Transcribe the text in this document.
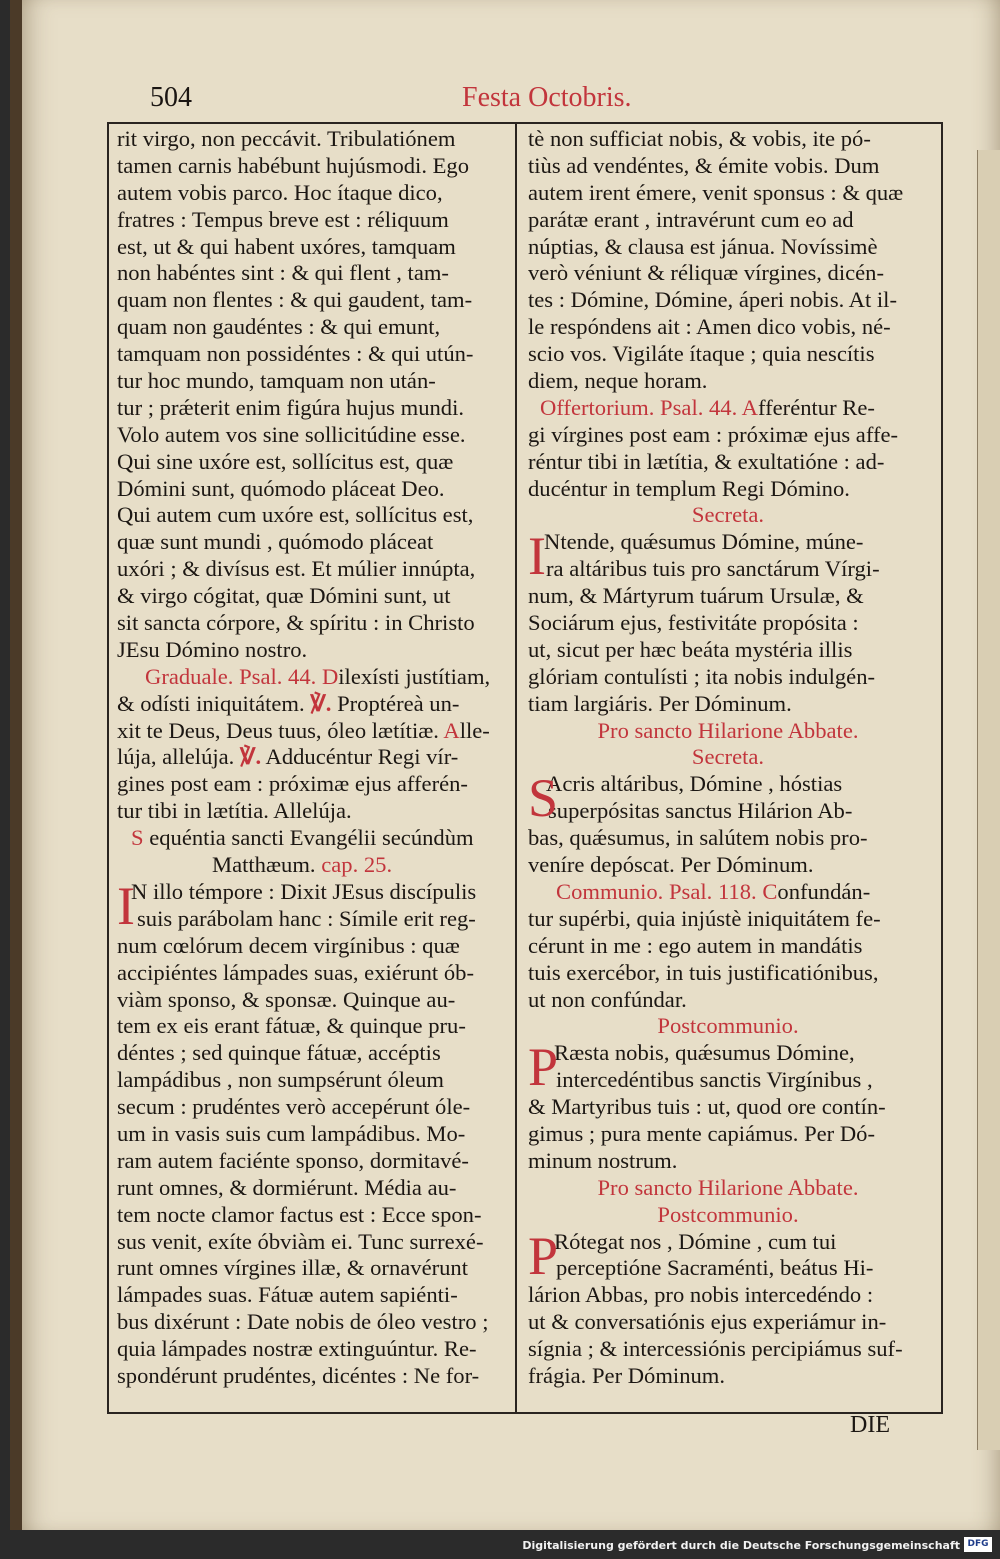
504	Festa Octobris.
rit virgo, non peccávit. Tribulatiónem
tamen carnis habébunt hujúsmodi. Ego
autem vobis parco. Hoc ítaque dico,
fratres : Tempus breve est : réliquum
est, ut & qui habent uxóres, tamquam
non habéntes sint : & qui flent , tam-
quam non flentes : & qui gaudent, tam-
quam non gaudéntes : & qui emunt,
tamquam non possidéntes : & qui utún-
tur hoc mundo, tamquam non után-
tur ; prǽterit enim figúra hujus mundi.
Volo autem vos sine sollicitúdine esse.
Qui sine uxóre est, sollícitus est, quæ
Dómini sunt, quómodo pláceat Deo.
Qui autem cum uxóre est, sollícitus est,
quæ sunt mundi , quómodo pláceat
uxóri ; & divísus est. Et múlier innúpta,
& virgo cógitat, quæ Dómini sunt, ut
sit sancta córpore, & spíritu : in Christo
JEsu Dómino nostro.
Graduale. Psal. 44. Dilexísti justítiam,
& odísti iniquitátem. ℣. Proptéreà un-
xit te Deus, Deus tuus, óleo lætítiæ. Alle-
lúja, allelúja. ℣. Adducéntur Regi vír-
gines post eam : próximæ ejus afferén-
tur tibi in lætítia. Allelúja.
S equéntia sancti Evangélii secúndùm
Matthæum. cap. 25.
I
N illo témpore : Dixit JEsus discípulis
suis parábolam hanc : Símile erit reg-
num cœlórum decem virgínibus : quæ
accipiéntes lámpades suas, exiérunt ób-
viàm sponso, & sponsæ. Quinque au-
tem ex eis erant fátuæ, & quinque pru-
déntes ; sed quinque fátuæ, accéptis
lampádibus , non sumpsérunt óleum
secum : prudéntes verò accepérunt óle-
um in vasis suis cum lampádibus. Mo-
ram autem faciénte sponso, dormitavé-
runt omnes, & dormiérunt. Média au-
tem nocte clamor factus est : Ecce spon-
sus venit, exíte óbviàm ei. Tunc surrexé-
runt omnes vírgines illæ, & ornavérunt
lámpades suas. Fátuæ autem sapiénti-
bus dixérunt : Date nobis de óleo vestro ;
quia lámpades nostræ extinguúntur. Re-
spondérunt prudéntes, dicéntes : Ne for-
tè non sufficiat nobis, & vobis, ite pó-
tiùs ad vendéntes, & émite vobis. Dum
autem irent émere, venit sponsus : & quæ
parátæ erant , intravérunt cum eo ad
núptias, & clausa est jánua. Novíssimè
verò véniunt & réliquæ vírgines, dicén-
tes : Dómine, Dómine, áperi nobis. At il-
le respóndens ait : Amen dico vobis, né-
scio vos. Vigiláte ítaque ; quia nescítis
diem, neque horam.
Offertorium. Psal. 44. Afferéntur Re-
gi vírgines post eam : próximæ ejus affe-
réntur tibi in lætítia, & exultatióne : ad-
ducéntur in templum Regi Dómino.
Secreta.
I
Ntende, quǽsumus Dómine, múne-
ra altáribus tuis pro sanctárum Vírgi-
num, & Mártyrum tuárum Ursulæ, &
Sociárum ejus, festivitáte propósita :
ut, sicut per hæc beáta mystéria illis
glóriam contulísti ; ita nobis indulgén-
tiam largiáris. Per Dóminum.
Pro sancto Hilarione Abbate.
Secreta.
S
Acris altáribus, Dómine , hóstias
superpósitas sanctus Hilárion Ab-
bas, quǽsumus, in salútem nobis pro-
veníre depóscat. Per Dóminum.
Communio. Psal. 118. Confundán-
tur supérbi, quia injústè iniquitátem fe-
cérunt in me : ego autem in mandátis
tuis exercébor, in tuis justificatiónibus,
ut non confúndar.
Postcommunio.
P
Ræsta nobis, quǽsumus Dómine,
intercedéntibus sanctis Virgínibus ,
& Martyribus tuis : ut, quod ore contín-
gimus ; pura mente capiámus. Per Dó-
minum nostrum.
Pro sancto Hilarione Abbate.
Postcommunio.
P
Rótegat nos , Dómine , cum tui
perceptióne Sacraménti, beátus Hi-
lárion Abbas, pro nobis intercedéndo :
ut & conversatiónis ejus experiámur in-
sígnia ; & intercessiónis percipiámus suf-
frágia. Per Dóminum.
DIE
Digitalisierung gefördert durch die Deutsche Forschungsgemeinschaft DFG
